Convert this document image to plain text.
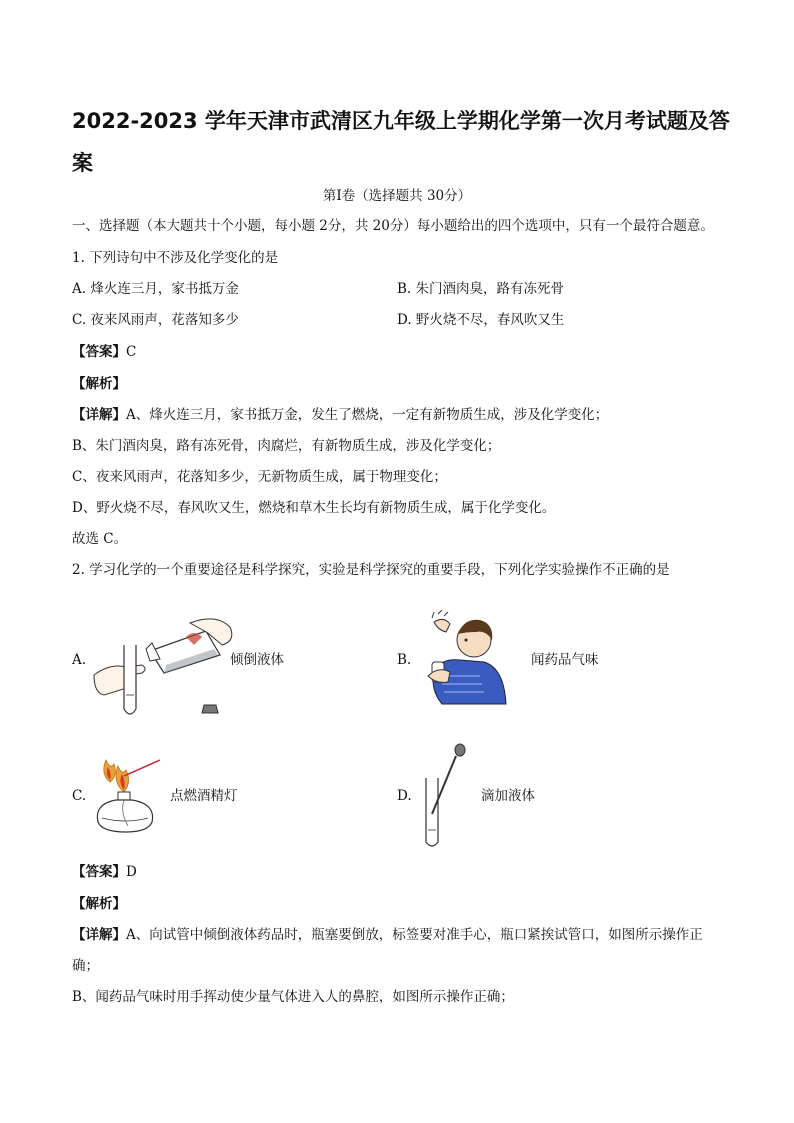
2022-2023 学年天津市武清区九年级上学期化学第一次月考试题及答案
第Ⅰ卷（选择题共 30分）
一、选择题（本大题共十个小题，每小题 2分，共 20分）每小题给出的四个选项中，只有一个最符合题意。
1. 下列诗句中不涉及化学变化的是
A. 烽火连三月，家书抵万金	B. 朱门酒肉臭，路有冻死骨
C. 夜来风雨声，花落知多少	D. 野火烧不尽，春风吹又生
【答案】C
【解析】
【详解】A、烽火连三月，家书抵万金，发生了燃烧，一定有新物质生成，涉及化学变化；
B、朱门酒肉臭，路有冻死骨，肉腐烂，有新物质生成，涉及化学变化；
C、夜来风雨声，花落知多少，无新物质生成，属于物理变化；
D、野火烧不尽，春风吹又生，燃烧和草木生长均有新物质生成，属于化学变化。
故选 C。
2. 学习化学的一个重要途径是科学探究，实验是科学探究的重要手段，下列化学实验操作不正确的是
A.	倾倒液体	B.	闻药品气味
C.	点燃酒精灯	D.	滴加液体
【答案】D
【解析】
【详解】A、向试管中倾倒液体药品时，瓶塞要倒放，标签要对准手心，瓶口紧挨试管口，如图所示操作正
确；
B、闻药品气味时用手挥动使少量气体进入人的鼻腔，如图所示操作正确；
